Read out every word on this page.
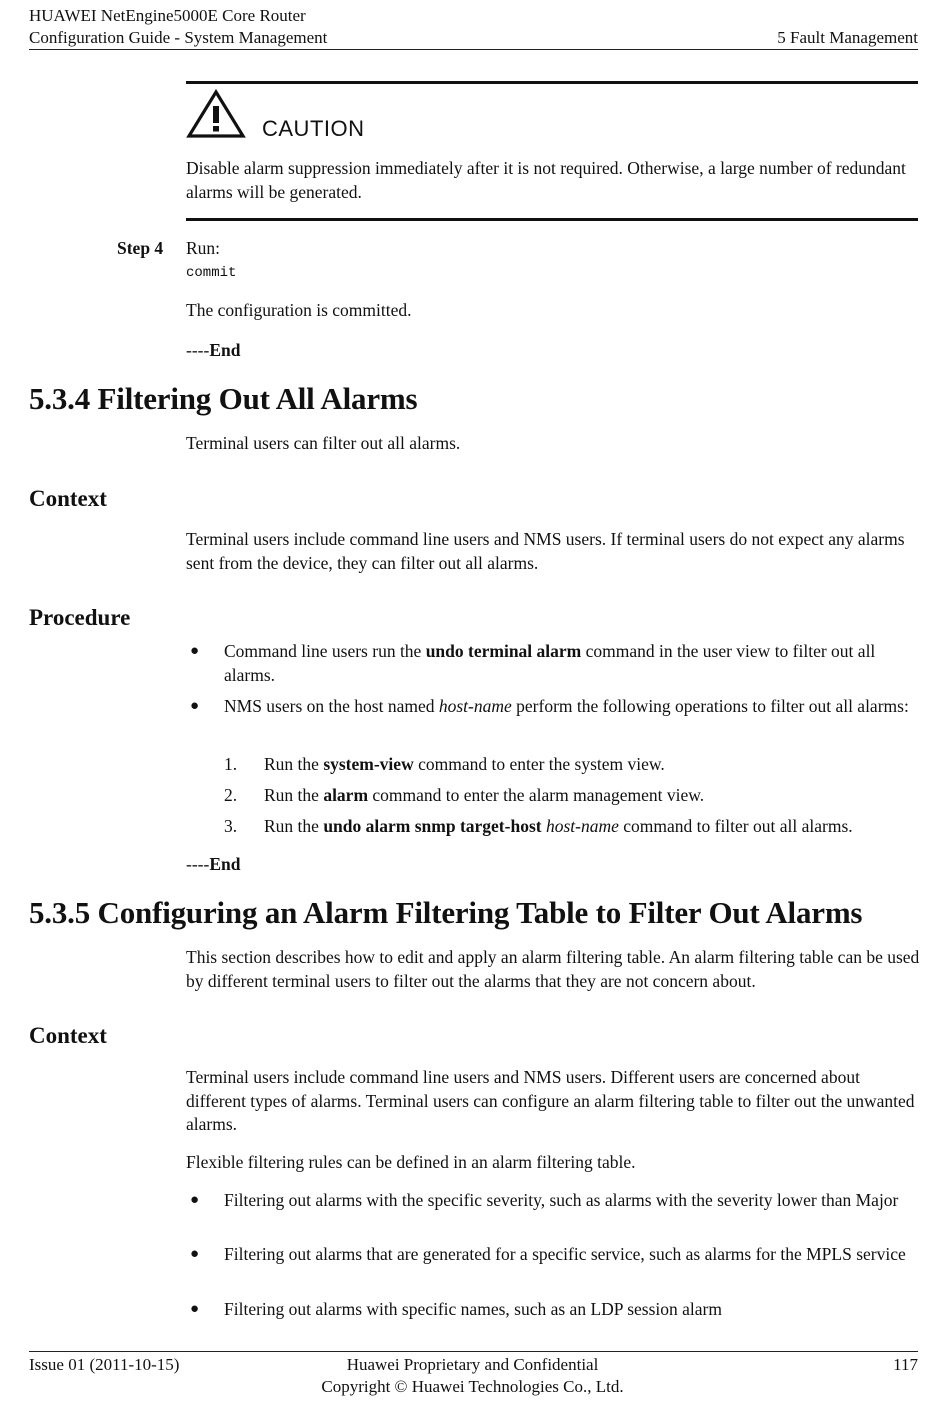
HUAWEI NetEngine5000E Core Router
Configuration Guide - System Management	5 Fault Management
CAUTION
Disable alarm suppression immediately after it is not required. Otherwise, a large number of redundant alarms will be generated.
Step 4 Run:
commit
The configuration is committed.
----End
5.3.4 Filtering Out All Alarms
Terminal users can filter out all alarms.
Context
Terminal users include command line users and NMS users. If terminal users do not expect any alarms sent from the device, they can filter out all alarms.
Procedure
● Command line users run the undo terminal alarm command in the user view to filter out all alarms.
● NMS users on the host named host-name perform the following operations to filter out all alarms:
1. Run the system-view command to enter the system view.
2. Run the alarm command to enter the alarm management view.
3. Run the undo alarm snmp target-host host-name command to filter out all alarms.
----End
5.3.5 Configuring an Alarm Filtering Table to Filter Out Alarms
This section describes how to edit and apply an alarm filtering table. An alarm filtering table can be used by different terminal users to filter out the alarms that they are not concern about.
Context
Terminal users include command line users and NMS users. Different users are concerned about different types of alarms. Terminal users can configure an alarm filtering table to filter out the unwanted alarms.
Flexible filtering rules can be defined in an alarm filtering table.
● Filtering out alarms with the specific severity, such as alarms with the severity lower than Major
● Filtering out alarms that are generated for a specific service, such as alarms for the MPLS service
● Filtering out alarms with specific names, such as an LDP session alarm
Issue 01 (2011-10-15)	Huawei Proprietary and Confidential
Copyright © Huawei Technologies Co., Ltd.
117
